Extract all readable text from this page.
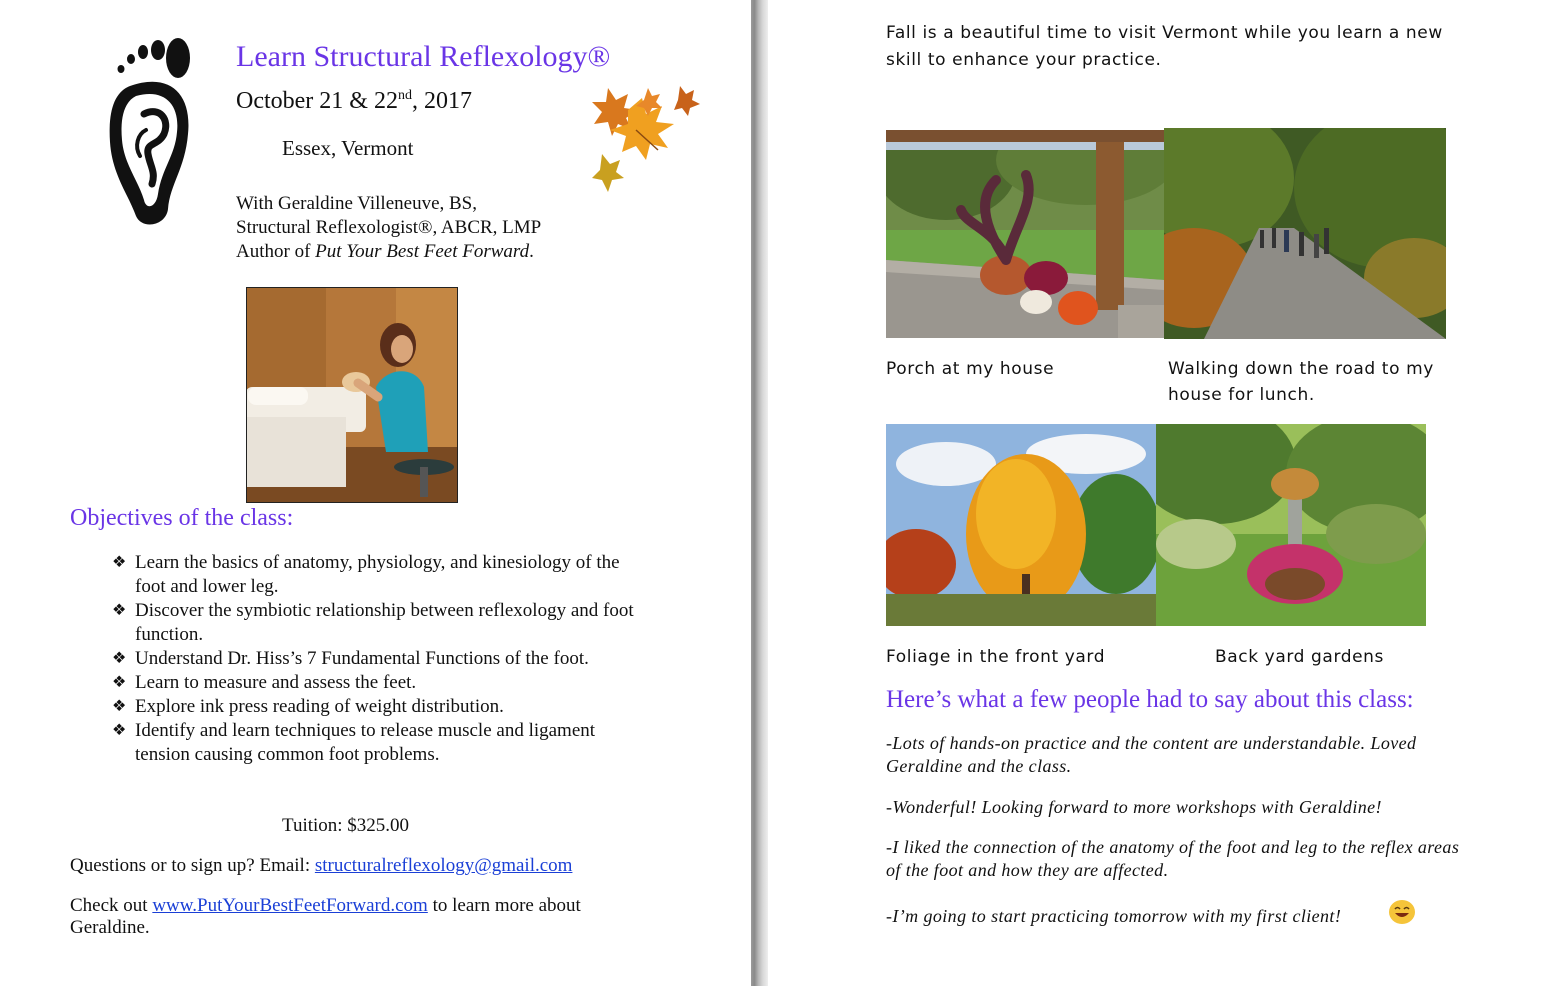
Learn Structural Reflexology®
October 21 & 22nd, 2017
Essex, Vermont
With Geraldine Villeneuve, BS,
Structural Reflexologist®, ABCR, LMP
Author of Put Your Best Feet Forward.
Objectives of the class:
❖ Learn the basics of anatomy, physiology, and kinesiology of the foot and lower leg.
❖ Discover the symbiotic relationship between reflexology and foot function.
❖ Understand Dr. Hiss’s 7 Fundamental Functions of the foot.
❖ Learn to measure and assess the feet.
❖ Explore ink press reading of weight distribution.
❖ Identify and learn techniques to release muscle and ligament tension causing common foot problems.
Tuition: $325.00
Questions or to sign up? Email: structuralreflexology@gmail.com
Check out www.PutYourBestFeetForward.com to learn more about Geraldine.
Fall is a beautiful time to visit Vermont while you learn a new skill to enhance your practice.
Porch at my house	Walking down the road to my house for lunch.
Foliage in the front yard	Back yard gardens
Here’s what a few people had to say about this class:
-Lots of hands-on practice and the content are understandable. Loved Geraldine and the class.
-Wonderful! Looking forward to more workshops with Geraldine!
-I liked the connection of the anatomy of the foot and leg to the reflex areas of the foot and how they are affected.
-I’m going to start practicing tomorrow with my first client!
